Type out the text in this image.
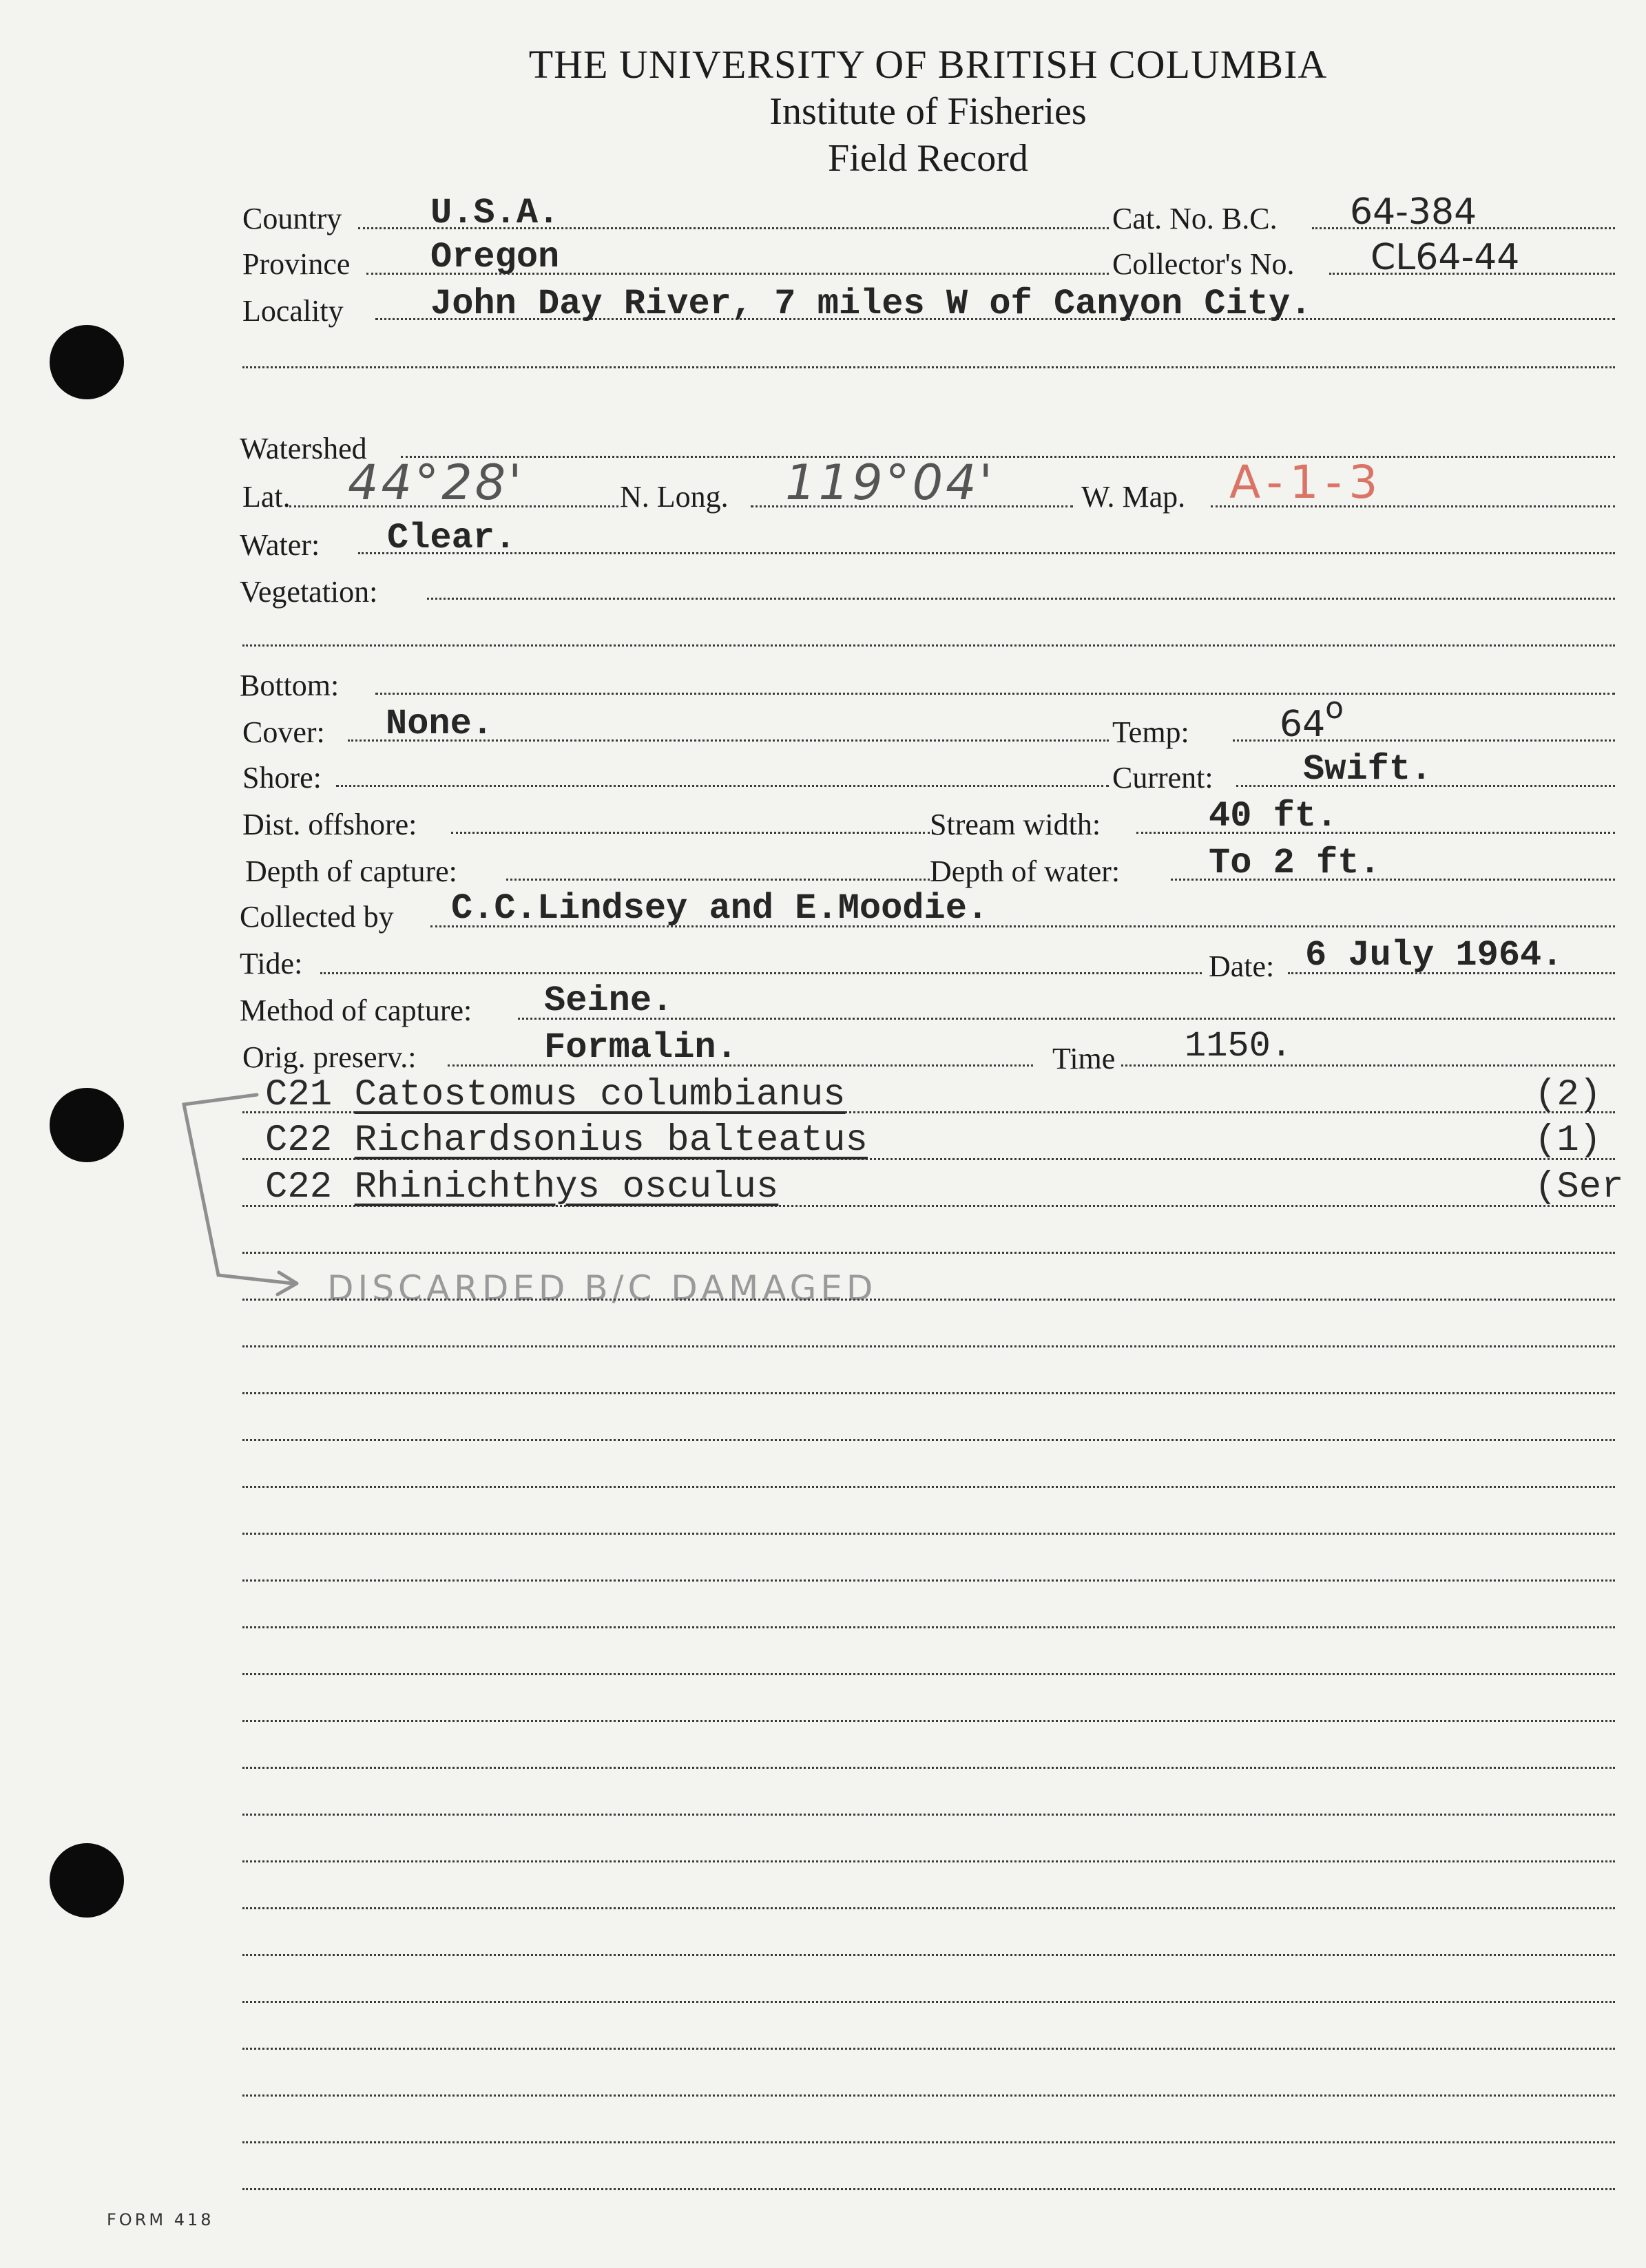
THE UNIVERSITY OF BRITISH COLUMBIA
Institute of Fisheries
Field Record
Country U.S.A.	Cat. No. B.C. 64-384
Province Oregon	Collector's No. CL64-44
Locality John Day River, 7 miles W of Canyon City.
Watershed
Lat. 44°28'	N. Long. 119°04'	W. Map. A-1-3
Water: Clear.
Vegetation:
Bottom:
Cover: None.	Temp:	64$^o$
Shore:	Current:	Swift.
Dist. offshore:	Stream width:	40 ft.
Depth of capture:	Depth of water: To 2 ft.
Collected by C.C.Lindsey and E.Moodie.
Tide:	Date: 6 July 1964.
Method of capture: Seine.
Orig. preserv.:	Formalin.	Time 1150.
C21 Catostomus columbianus	(2)
C22 Richardsonius balteatus	(1)
C22 Rhinichthys osculus	(Ser
DISCARDED B/C DAMAGED
FORM 418
